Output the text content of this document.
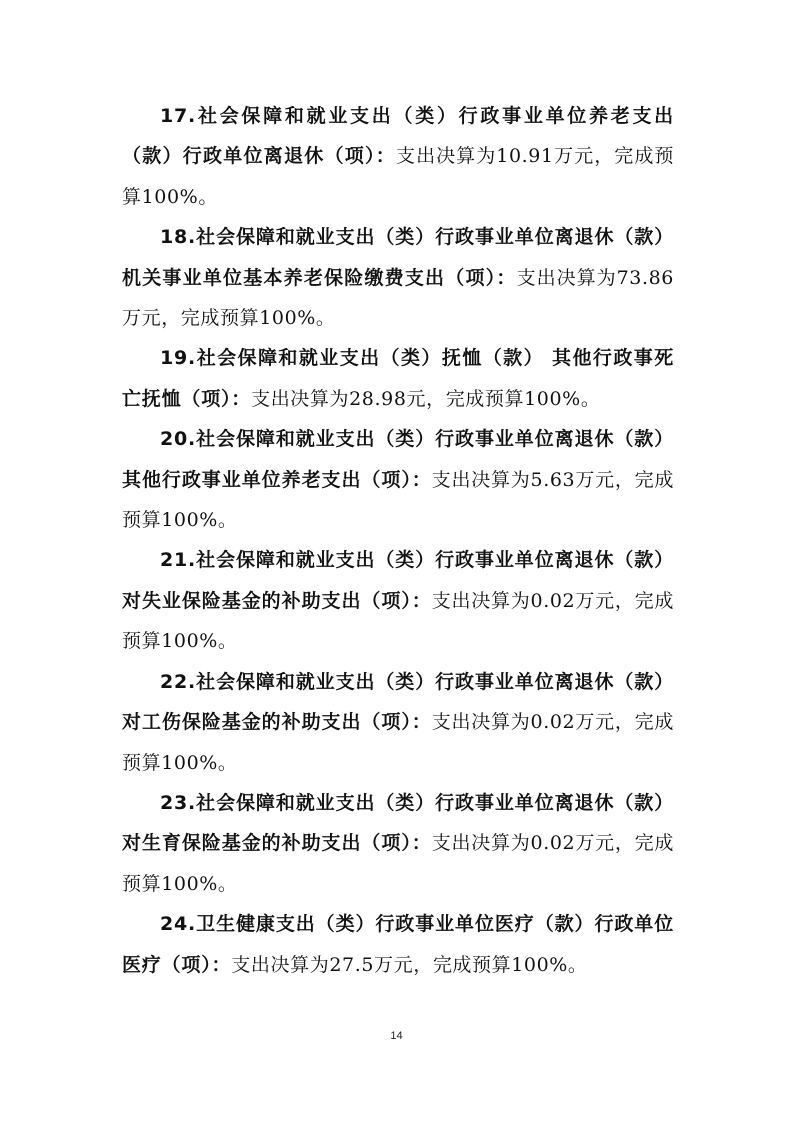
17.社会保障和就业支出（类）行政事业单位养老支出（款）行政单位离退休（项）：支出决算为10.91万元，完成预算100%。

18.社会保障和就业支出（类）行政事业单位离退休（款）机关事业单位基本养老保险缴费支出（项）：支出决算为73.86万元，完成预算100%。

19.社会保障和就业支出（类）抚恤（款） 其他行政事死亡抚恤（项）：支出决算为28.98元，完成预算100%。

20.社会保障和就业支出（类）行政事业单位离退休（款）其他行政事业单位养老支出（项）：支出决算为5.63万元，完成预算100%。

21.社会保障和就业支出（类）行政事业单位离退休（款）对失业保险基金的补助支出（项）：支出决算为0.02万元，完成预算100%。

22.社会保障和就业支出（类）行政事业单位离退休（款）对工伤保险基金的补助支出（项）：支出决算为0.02万元，完成预算100%。

23.社会保障和就业支出（类）行政事业单位离退休（款）对生育保险基金的补助支出（项）：支出决算为0.02万元，完成预算100%。

24.卫生健康支出（类）行政事业单位医疗（款）行政单位医疗（项）：支出决算为27.5万元，完成预算100%。

14
